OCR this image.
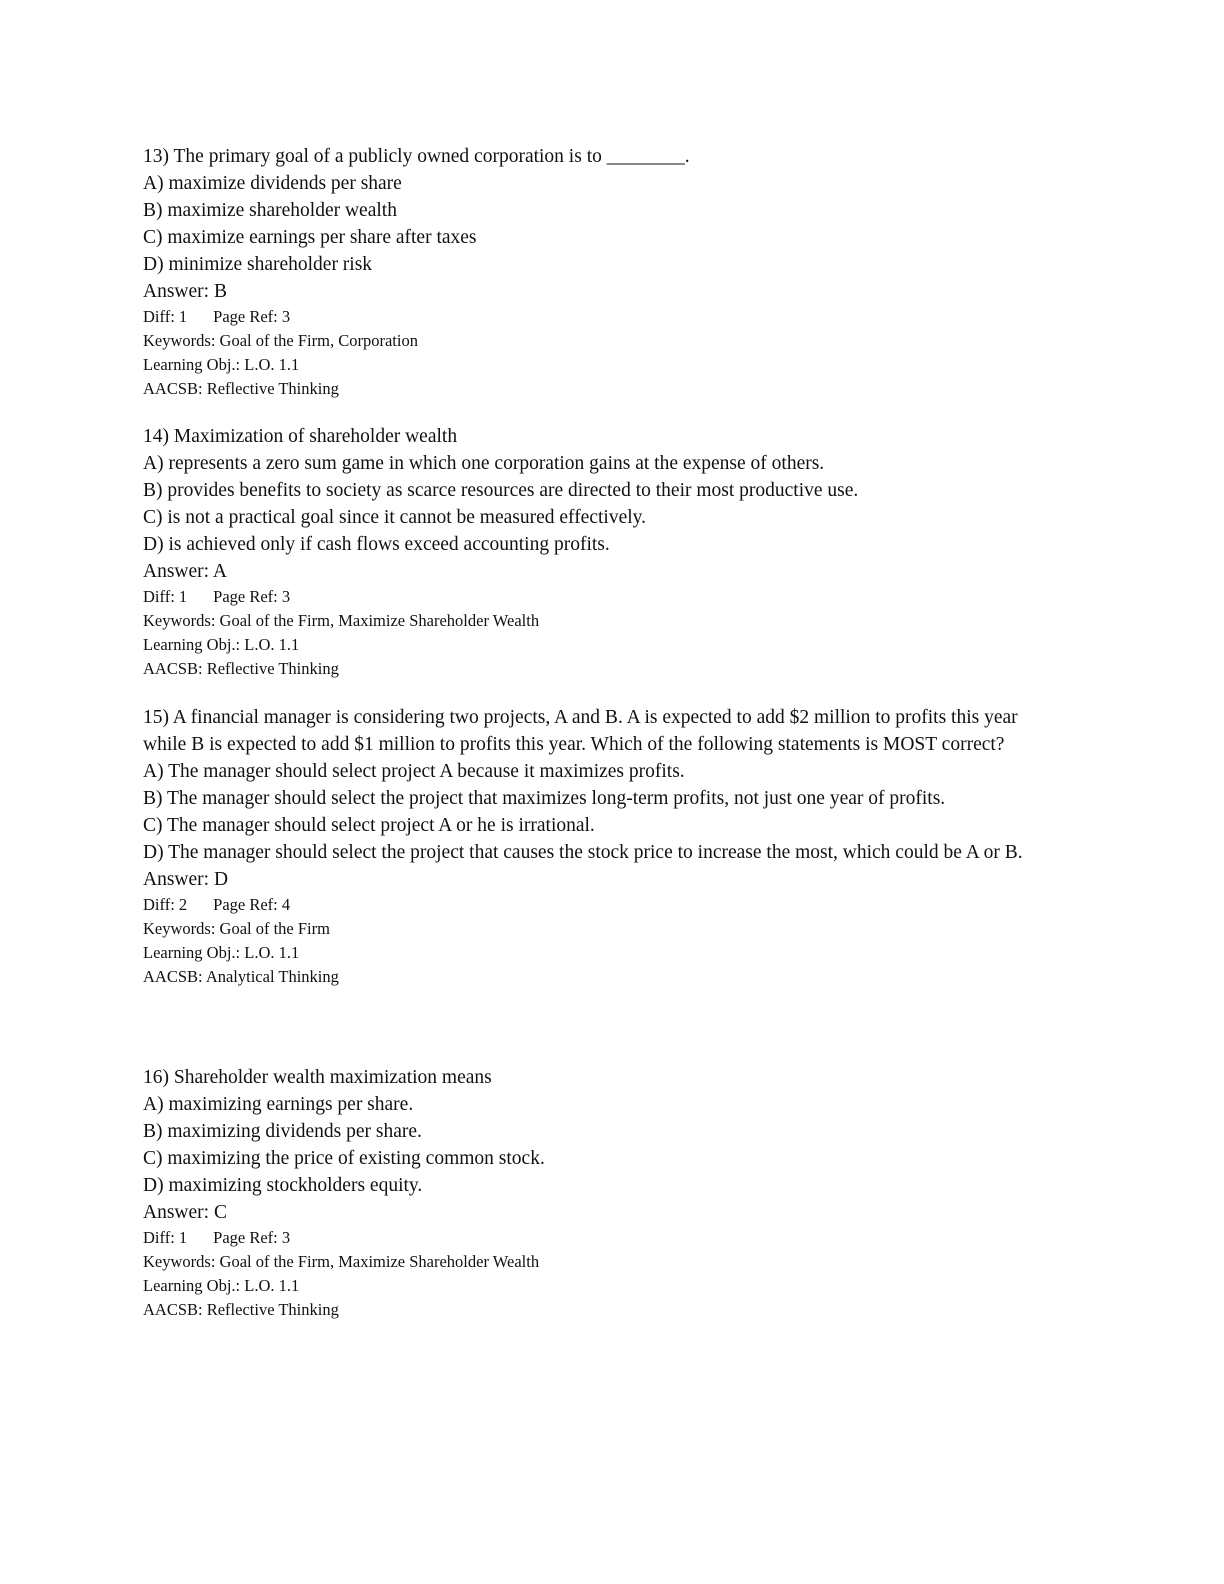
13) The primary goal of a publicly owned corporation is to ________.
A) maximize dividends per share
B) maximize shareholder wealth
C) maximize earnings per share after taxes
D) minimize shareholder risk
Answer: B
Diff: 1 Page Ref: 3
Keywords: Goal of the Firm, Corporation
Learning Obj.: L.O. 1.1
AACSB: Reflective Thinking
14) Maximization of shareholder wealth
A) represents a zero sum game in which one corporation gains at the expense of others.
B) provides benefits to society as scarce resources are directed to their most productive use.
C) is not a practical goal since it cannot be measured effectively.
D) is achieved only if cash flows exceed accounting profits.
Answer: A
Diff: 1 Page Ref: 3
Keywords: Goal of the Firm, Maximize Shareholder Wealth
Learning Obj.: L.O. 1.1
AACSB: Reflective Thinking
15) A financial manager is considering two projects, A and B. A is expected to add $2 million to profits this year while B is expected to add $1 million to profits this year. Which of the following statements is MOST correct?
A) The manager should select project A because it maximizes profits.
B) The manager should select the project that maximizes long-term profits, not just one year of profits.
C) The manager should select project A or he is irrational.
D) The manager should select the project that causes the stock price to increase the most, which could be A or B.
Answer: D
Diff: 2 Page Ref: 4
Keywords: Goal of the Firm
Learning Obj.: L.O. 1.1
AACSB: Analytical Thinking
16) Shareholder wealth maximization means
A) maximizing earnings per share.
B) maximizing dividends per share.
C) maximizing the price of existing common stock.
D) maximizing stockholders equity.
Answer: C
Diff: 1 Page Ref: 3
Keywords: Goal of the Firm, Maximize Shareholder Wealth
Learning Obj.: L.O. 1.1
AACSB: Reflective Thinking
